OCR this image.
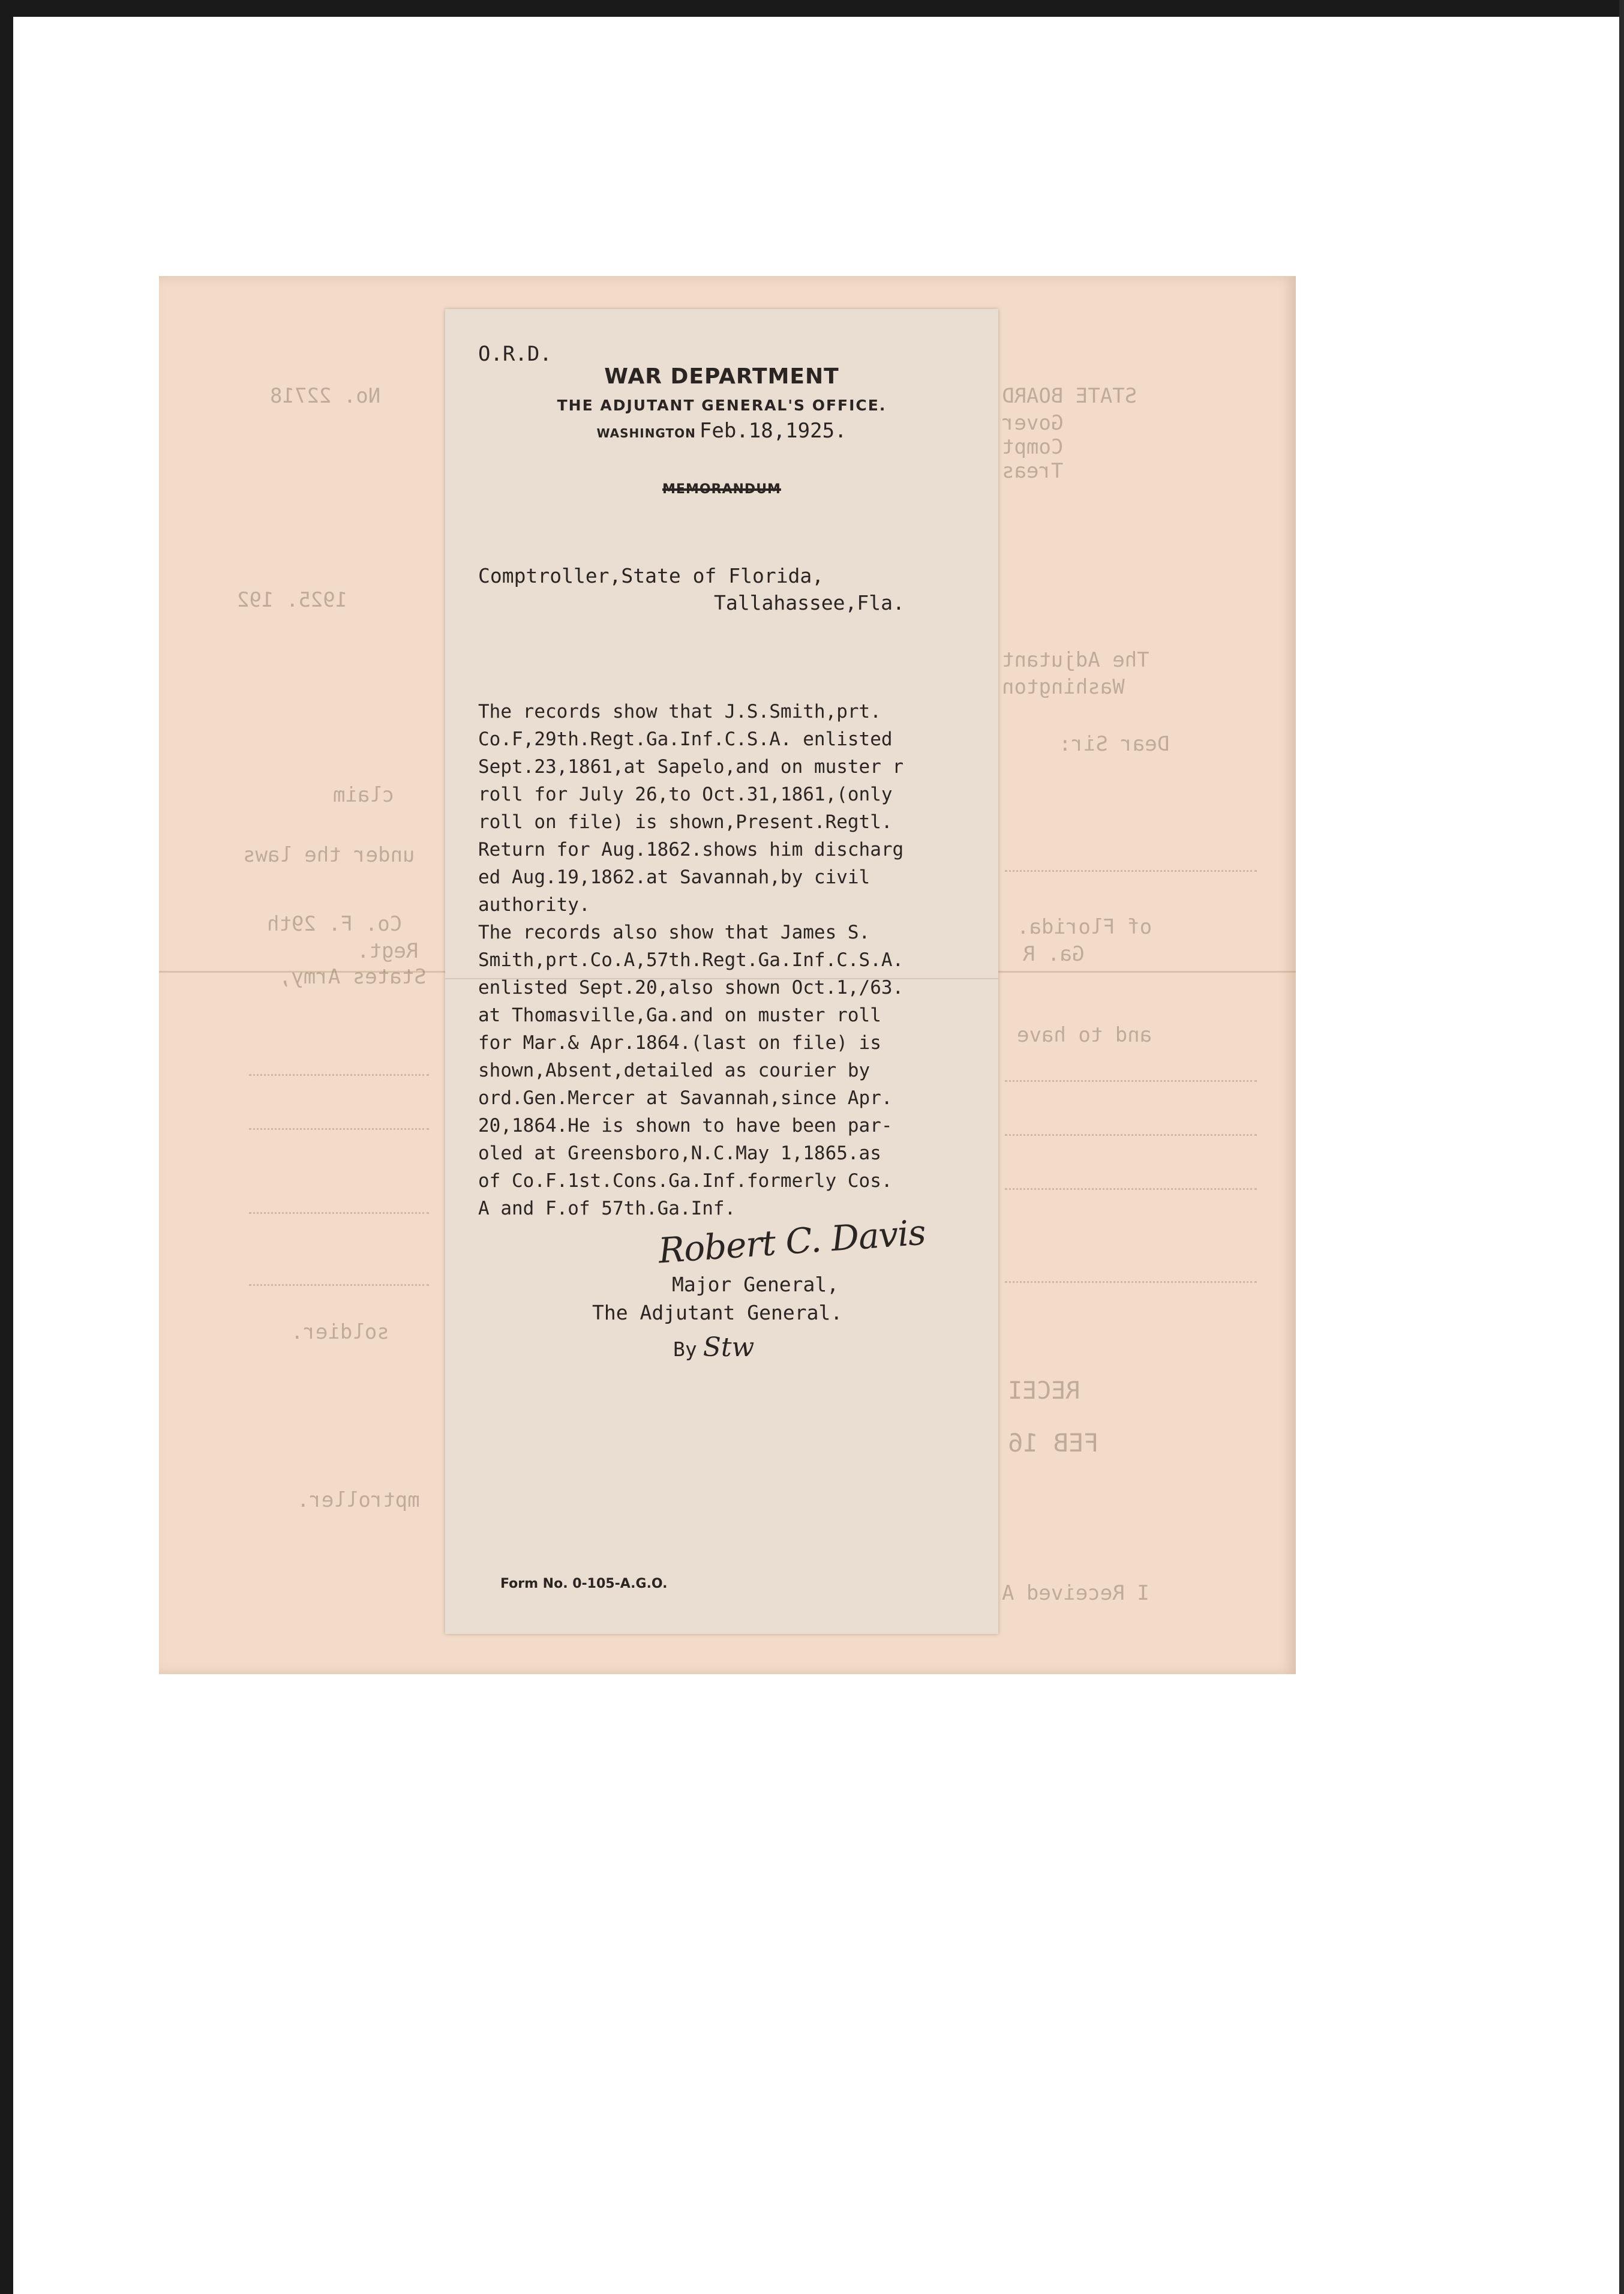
No. 22718	STATE BOARD
Gover
Compt
Treas
1925. 192
The Adjutant
Washington
Dear Sir:
claim
under the laws
of Florida.
Ga. R
Co. F. 29th
Regt.
States Army,
and to have
soldier.
FEB 16
mptroller.
RECEI
I Received A
O.R.D.
WAR DEPARTMENT
THE ADJUTANT GENERAL'S OFFICE.
WASHINGTON Feb.18,1925.
MEMORANDUM
Comptroller,State of Florida,
Tallahassee,Fla.
The records show that J.S.Smith,prt.
Co.F,29th.Regt.Ga.Inf.C.S.A. enlisted
Sept.23,1861,at Sapelo,and on muster r
roll for July 26,to Oct.31,1861,(only
roll on file) is shown,Present.Regtl.
Return for Aug.1862.shows him discharg
ed Aug.19,1862.at Savannah,by civil
authority.
The records also show that James S.
Smith,prt.Co.A,57th.Regt.Ga.Inf.C.S.A.
enlisted Sept.20,also shown Oct.1,/63.
at Thomasville,Ga.and on muster roll
for Mar.& Apr.1864.(last on file) is
shown,Absent,detailed as courier by
ord.Gen.Mercer at Savannah,since Apr.
20,1864.He is shown to have been par-
oled at Greensboro,N.C.May 1,1865.as
of Co.F.1st.Cons.Ga.Inf.formerly Cos.
A and F.of 57th.Ga.Inf.
Robert C. Davis
Major General,
The Adjutant General.
By Stw
Form No. 0-105-A.G.O.
